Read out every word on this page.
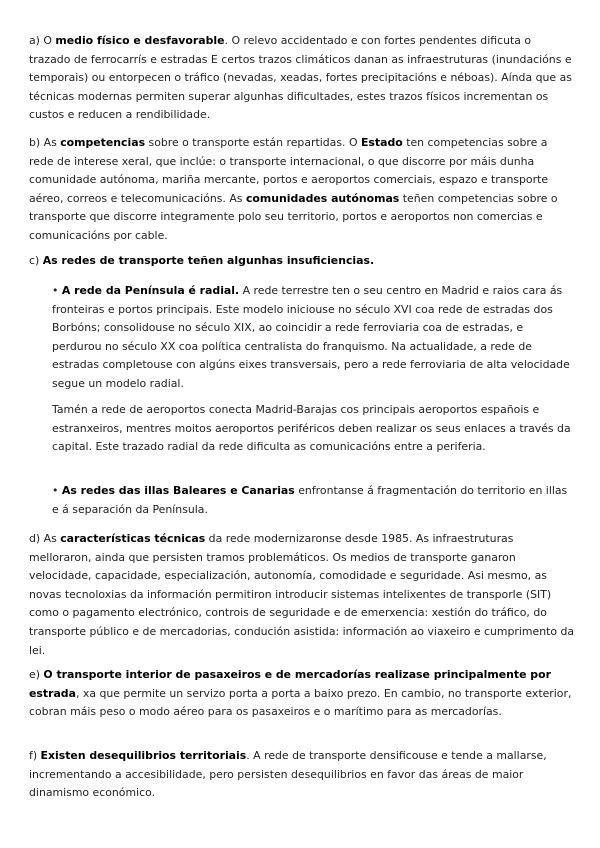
a) O medio físico e desfavorable. O relevo accidentado e con fortes pendentes dificuta o trazado de ferrocarrís e estradas E certos trazos climáticos danan as infraestruturas (inundacións e temporais) ou entorpecen o tráfico (nevadas, xeadas, fortes precipitacións e néboas). Aínda que as técnicas modernas permiten superar algunhas dificultades, estes trazos físicos incrementan os custos e reducen a rendibilidade.

b) As competencias sobre o transporte están repartidas. O Estado ten competencias sobre a rede de interese xeral, que inclúe: o transporte internacional, o que discorre por máis dunha comunidade autónoma, mariña mercante, portos e aeroportos comerciais, espazo e transporte aéreo, correos e telecomunicacións. As comunidades autónomas teñen competencias sobre o transporte que discorre integramente polo seu territorio, portos e aeroportos non comercias e comunicacións por cable.

c) As redes de transporte teñen algunhas insuficiencias.

• A rede da Península é radial. A rede terrestre ten o seu centro en Madrid e raios cara ás fronteiras e portos principais. Este modelo iniciouse no século XVI coa rede de estradas dos Borbóns; consolidouse no século XIX, ao coincidir a rede ferroviaria coa de estradas, e perdurou no século XX coa política centralista do franquismo. Na actualidade, a rede de estradas completouse con algúns eixes transversais, pero a rede ferroviaria de alta velocidade segue un modelo radial.

Tamén a rede de aeroportos conecta Madrid-Barajas cos principais aeroportos españois e estranxeiros, mentres moitos aeroportos periféricos deben realizar os seus enlaces a través da capital. Este trazado radial da rede dificulta as comunicacións entre a periferia.

• As redes das illas Baleares e Canarias enfrontanse á fragmentación do territorio en illas e á separación da Península.

d) As características técnicas da rede modernizaronse desde 1985. As infraestruturas melloraron, ainda que persisten tramos problemáticos. Os medios de transporte ganaron velocidade, capacidade, especialización, autonomía, comodidade e seguridade. Asi mesmo, as novas tecnoloxias da información permitiron introducir sistemas intelixentes de transporle (SIT) como o pagamento electrónico, controis de seguridade e de emerxencia: xestión do tráfico, do transporte público e de mercadorias, condución asistida: información ao viaxeiro e cumprimento da lei.

e) O transporte interior de pasaxeiros e de mercadorías realizase principalmente por estrada, xa que permite un servizo porta a porta a baixo prezo. En cambio, no transporte exterior, cobran máis peso o modo aéreo para os pasaxeiros e o marítimo para as mercadorías.

f) Existen desequilibrios territoriais. A rede de transporte densificouse e tende a mallarse, incrementando a accesibilidade, pero persisten desequilibrios en favor das áreas de maior dinamismo económico.
